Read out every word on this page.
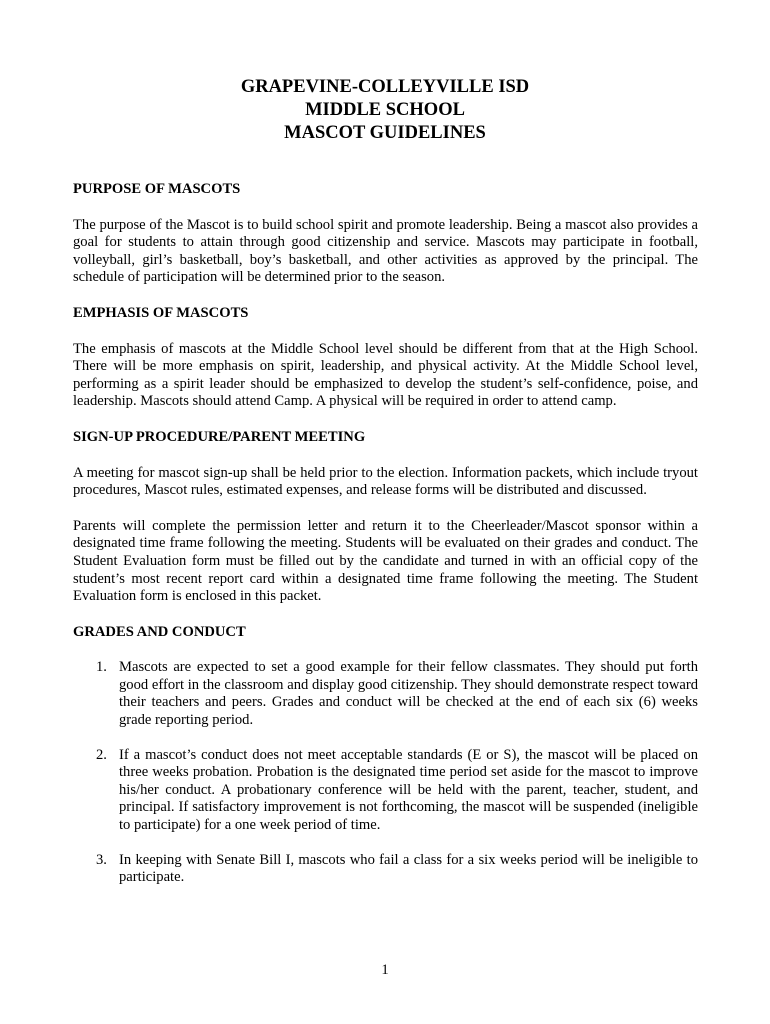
GRAPEVINE-COLLEYVILLE ISD
MIDDLE SCHOOL
MASCOT GUIDELINES
PURPOSE OF MASCOTS
The purpose of the Mascot is to build school spirit and promote leadership. Being a mascot also provides a goal for students to attain through good citizenship and service. Mascots may participate in football, volleyball, girl’s basketball, boy’s basketball, and other activities as approved by the principal. The schedule of participation will be determined prior to the season.
EMPHASIS OF MASCOTS
The emphasis of mascots at the Middle School level should be different from that at the High School. There will be more emphasis on spirit, leadership, and physical activity. At the Middle School level, performing as a spirit leader should be emphasized to develop the student’s self-confidence, poise, and leadership. Mascots should attend Camp. A physical will be required in order to attend camp.
SIGN-UP PROCEDURE/PARENT MEETING
A meeting for mascot sign-up shall be held prior to the election. Information packets, which include tryout procedures, Mascot rules, estimated expenses, and release forms will be distributed and discussed.
Parents will complete the permission letter and return it to the Cheerleader/Mascot sponsor within a designated time frame following the meeting. Students will be evaluated on their grades and conduct. The Student Evaluation form must be filled out by the candidate and turned in with an official copy of the student’s most recent report card within a designated time frame following the meeting. The Student Evaluation form is enclosed in this packet.
GRADES AND CONDUCT
1. Mascots are expected to set a good example for their fellow classmates. They should put forth good effort in the classroom and display good citizenship. They should demonstrate respect toward their teachers and peers. Grades and conduct will be checked at the end of each six (6) weeks grade reporting period.
2. If a mascot’s conduct does not meet acceptable standards (E or S), the mascot will be placed on three weeks probation. Probation is the designated time period set aside for the mascot to improve his/her conduct. A probationary conference will be held with the parent, teacher, student, and principal. If satisfactory improvement is not forthcoming, the mascot will be suspended (ineligible to participate) for a one week period of time.
3. In keeping with Senate Bill I, mascots who fail a class for a six weeks period will be ineligible to participate.
1
